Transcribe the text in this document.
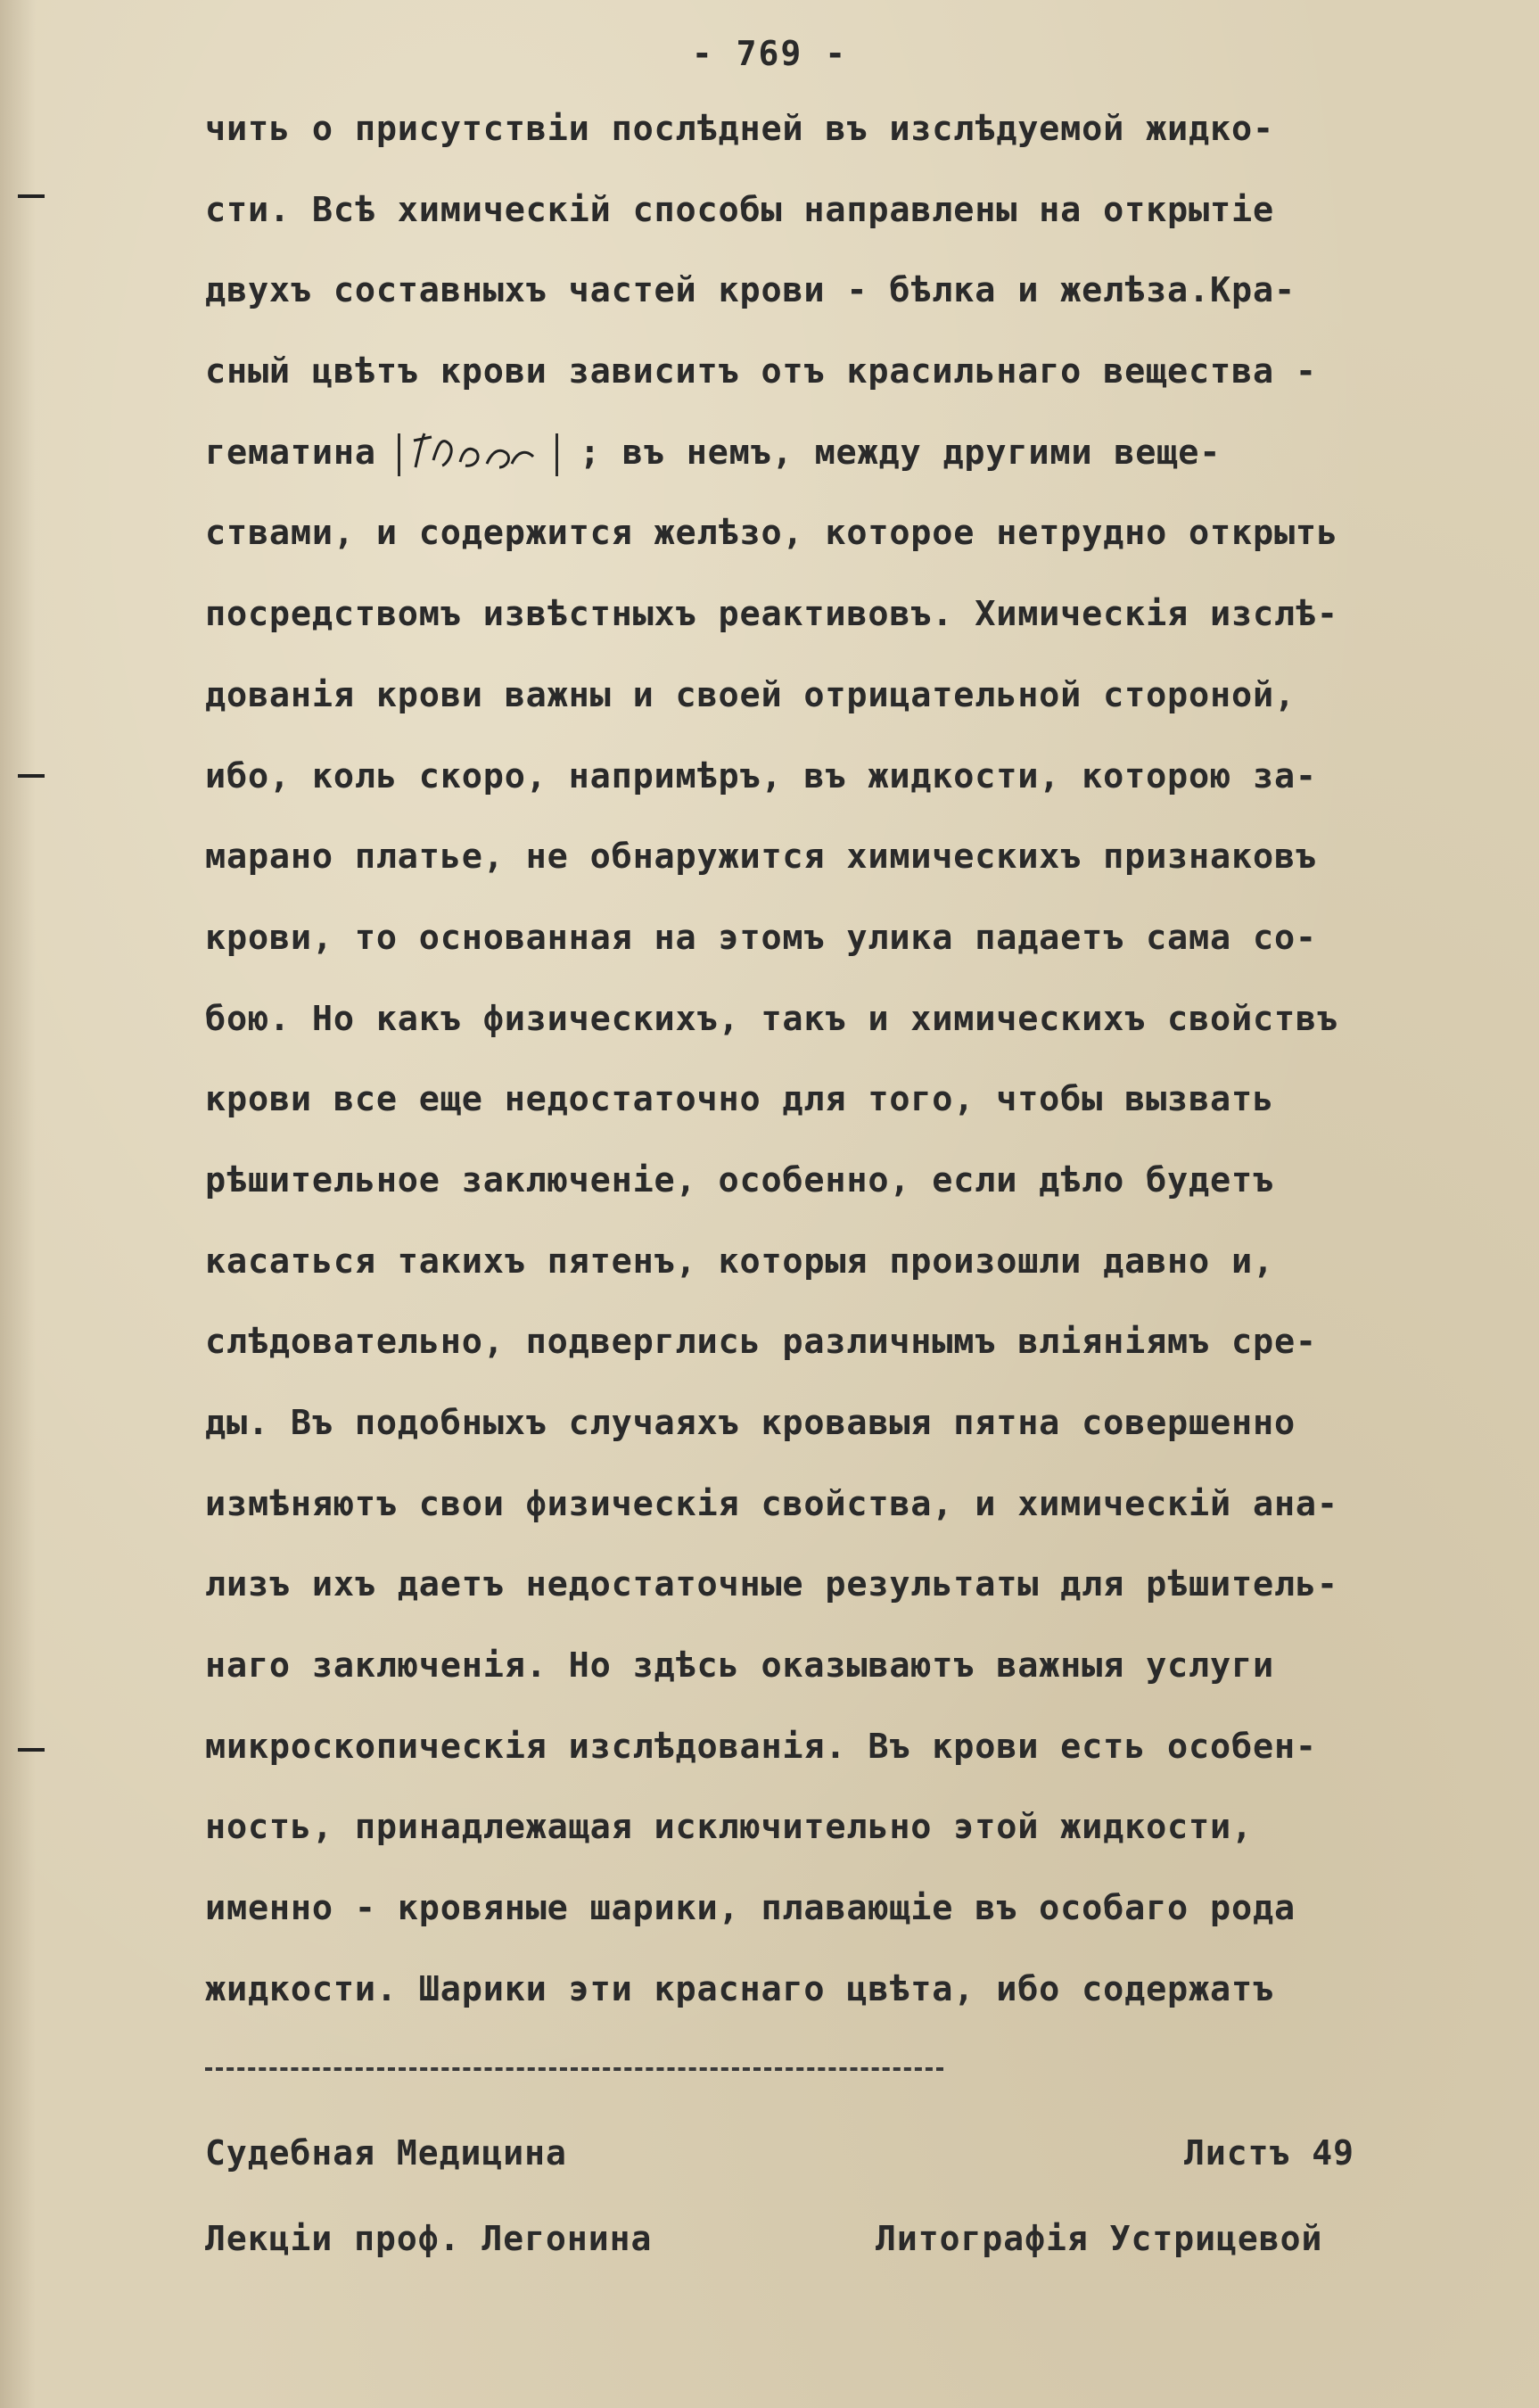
- 769 -
чить о присутствіи послѣдней въ изслѣдуемой жидко-
сти. Всѣ химическій способы направлены на открытіе
двухъ составныхъ частей крови - бѣлка и желѣза.Кра-
сный цвѣтъ крови зависитъ отъ красильнаго вещества -
гематина	; въ немъ, между другими веще-
ствами, и содержится желѣзо, которое нетрудно открыть
посредствомъ извѣстныхъ реактивовъ. Химическія изслѣ-
дованія крови важны и своей отрицательной стороной,
ибо, коль скоро, напримѣръ, въ жидкости, которою за-
марано платье, не обнаружится химическихъ признаковъ
крови, то основанная на этомъ улика падаетъ сама со-
бою. Но какъ физическихъ, такъ и химическихъ свойствъ
крови все еще недостаточно для того, чтобы вызвать
рѣшительное заключеніе, особенно, если дѣло будетъ
касаться такихъ пятенъ, которыя произошли давно и,
слѣдовательно, подверглись различнымъ вліяніямъ сре-
ды. Въ подобныхъ случаяхъ кровавыя пятна совершенно
измѣняютъ свои физическія свойства, и химическій ана-
лизъ ихъ даетъ недостаточные результаты для рѣшитель-
наго заключенія. Но здѣсь оказываютъ важныя услуги
микроскопическія изслѣдованія. Въ крови есть особен-
ность, принадлежащая исключительно этой жидкости,
именно - кровяные шарики, плавающіе въ особаго рода
жидкости. Шарики эти краснаго цвѣта, ибо содержатъ
Судебная Медицина	Листъ 49
Лекціи проф. Легонина	Литографія Устрицевой
